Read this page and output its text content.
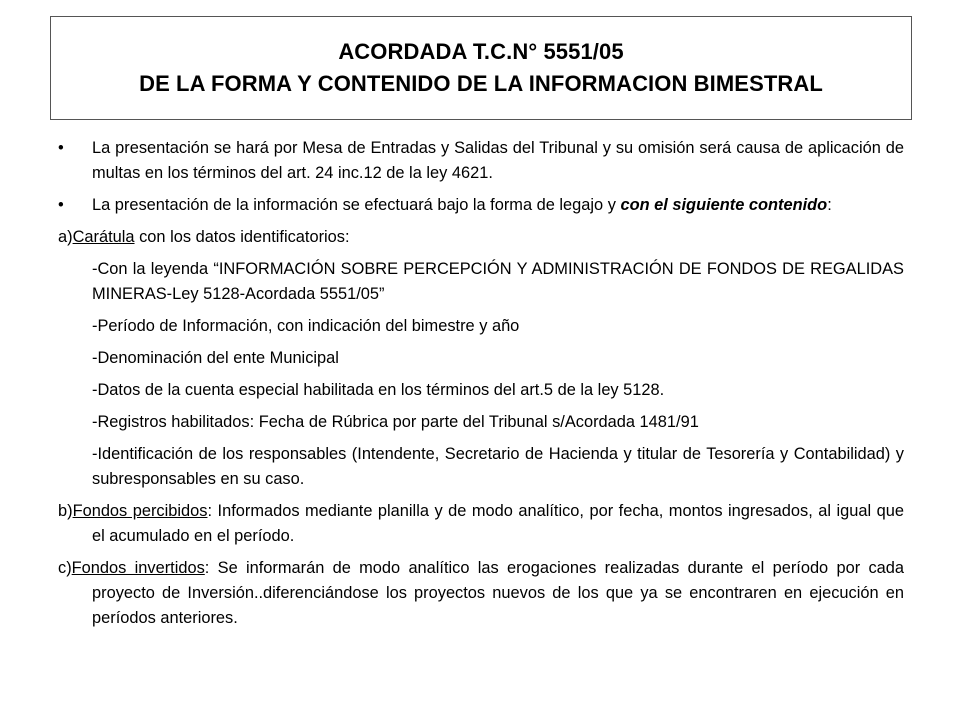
ACORDADA T.C.N° 5551/05
DE LA FORMA Y CONTENIDO DE LA INFORMACION BIMESTRAL
• La presentación se hará por Mesa de Entradas y Salidas del Tribunal y su omisión será causa de aplicación de multas en los términos del art. 24 inc.12 de la ley 4621.
• La presentación de la información se efectuará bajo la forma de legajo y con el siguiente contenido:
a)Carátula con los datos identificatorios:
-Con la leyenda “INFORMACIÓN SOBRE PERCEPCIÓN Y ADMINISTRACIÓN DE FONDOS DE REGALIDAS MINERAS-Ley 5128-Acordada 5551/05”
-Período de Información, con indicación del bimestre y año
-Denominación del ente Municipal
-Datos de la cuenta especial habilitada en los términos del art.5 de la ley 5128.
-Registros habilitados: Fecha de Rúbrica por parte del Tribunal s/Acordada 1481/91
-Identificación de los responsables (Intendente, Secretario de Hacienda y titular de Tesorería y Contabilidad) y subresponsables en su caso.
b)Fondos percibidos: Informados mediante planilla y de modo analítico, por fecha, montos ingresados, al igual que el acumulado en el período.
c)Fondos invertidos: Se informarán de modo analítico las erogaciones realizadas durante el período por cada proyecto de Inversión..diferenciándose los proyectos nuevos de los que ya se encontraren en ejecución en períodos anteriores.
